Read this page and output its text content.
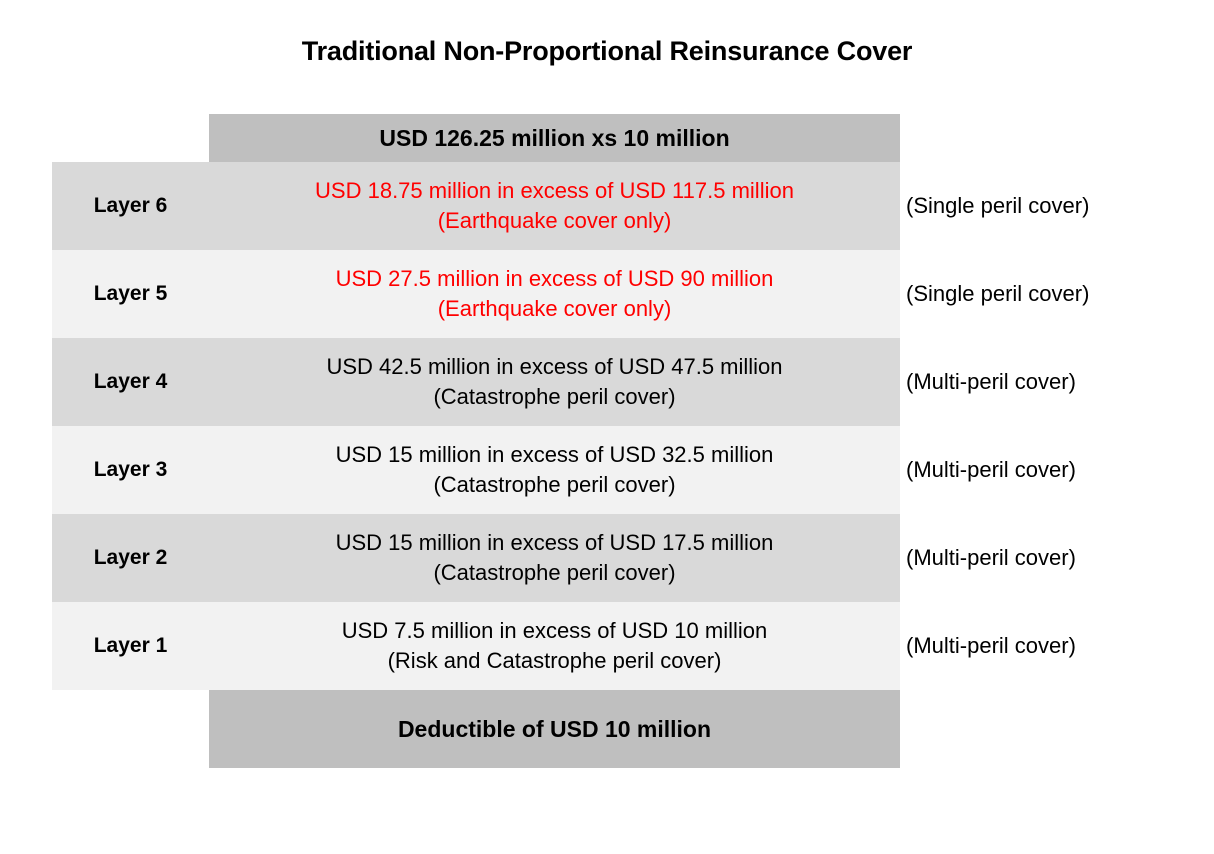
Traditional Non-Proportional Reinsurance Cover
USD 126.25 million xs 10 million
Layer 6
USD 18.75 million in excess of USD 117.5 million
(Earthquake cover only)
(Single peril cover)
Layer 5
USD 27.5 million in excess of USD 90 million
(Earthquake cover only)
(Single peril cover)
Layer 4
USD 42.5 million in excess of USD 47.5 million
(Catastrophe peril cover)
(Multi-peril cover)
Layer 3
USD 15 million in excess of USD 32.5 million
(Catastrophe peril cover)
(Multi-peril cover)
Layer 2
USD 15 million in excess of USD 17.5 million
(Catastrophe peril cover)
(Multi-peril cover)
Layer 1
USD 7.5 million in excess of USD 10 million
(Risk and Catastrophe peril cover)
(Multi-peril cover)
Deductible of USD 10 million
